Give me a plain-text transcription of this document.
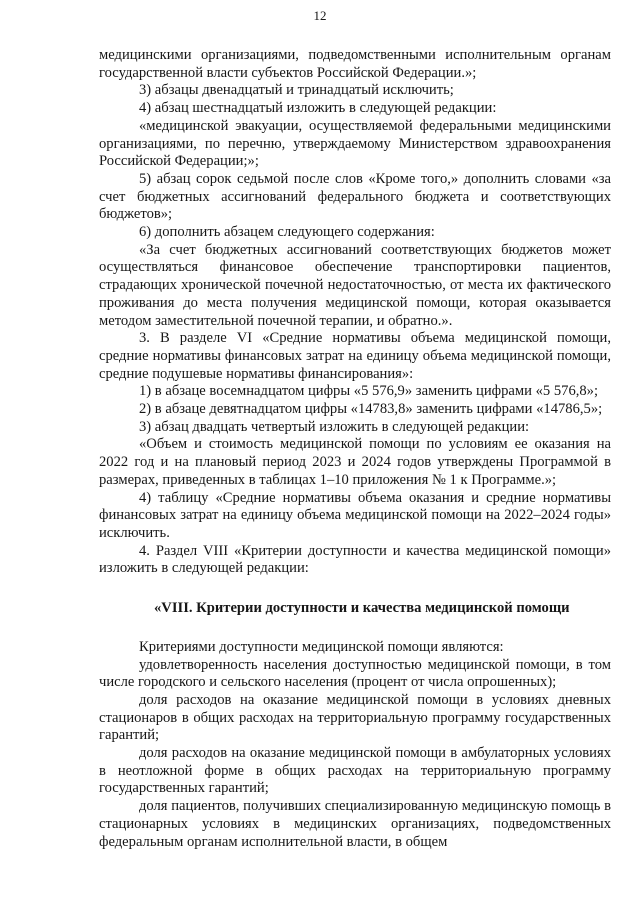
12

медицинскими организациями, подведомственными исполнительным органам государственной власти субъектов Российской Федерации.»;

3) абзацы двенадцатый и тринадцатый исключить;

4) абзац шестнадцатый изложить в следующей редакции:

«медицинской эвакуации, осуществляемой федеральными медицинскими организациями, по перечню, утверждаемому Министерством здравоохранения Российской Федерации;»;

5) абзац сорок седьмой после слов «Кроме того,» дополнить словами «за счет бюджетных ассигнований федерального бюджета и соответствующих бюджетов»;

6) дополнить абзацем следующего содержания:

«За счет бюджетных ассигнований соответствующих бюджетов может осуществляться финансовое обеспечение транспортировки пациентов, страдающих хронической почечной недостаточностью, от места их фактического проживания до места получения медицинской помощи, которая оказывается методом заместительной почечной терапии, и обратно.».

3. В разделе VI «Средние нормативы объема медицинской помощи, средние нормативы финансовых затрат на единицу объема медицинской помощи, средние подушевые нормативы финансирования»:

1) в абзаце восемнадцатом цифры «5 576,9» заменить цифрами «5 576,8»;

2) в абзаце девятнадцатом цифры «14783,8» заменить цифрами «14786,5»;

3) абзац двадцать четвертый изложить в следующей редакции:

«Объем и стоимость медицинской помощи по условиям ее оказания на 2022 год и на плановый период 2023 и 2024 годов утверждены Программой в размерах, приведенных в таблицах 1–10 приложения № 1 к Программе.»;

4) таблицу «Средние нормативы объема оказания и средние нормативы финансовых затрат на единицу объема медицинской помощи на 2022–2024 годы» исключить.

4. Раздел VIII «Критерии доступности и качества медицинской помощи» изложить в следующей редакции:

«VIII. Критерии доступности и качества медицинской помощи

Критериями доступности медицинской помощи являются:

удовлетворенность населения доступностью медицинской помощи, в том числе городского и сельского населения (процент от числа опрошенных);

доля расходов на оказание медицинской помощи в условиях дневных стационаров в общих расходах на территориальную программу государственных гарантий;

доля расходов на оказание медицинской помощи в амбулаторных условиях в неотложной форме в общих расходах на территориальную программу государственных гарантий;

доля пациентов, получивших специализированную медицинскую помощь в стационарных условиях в медицинских организациях, подведомственных федеральным органам исполнительной власти, в общем
